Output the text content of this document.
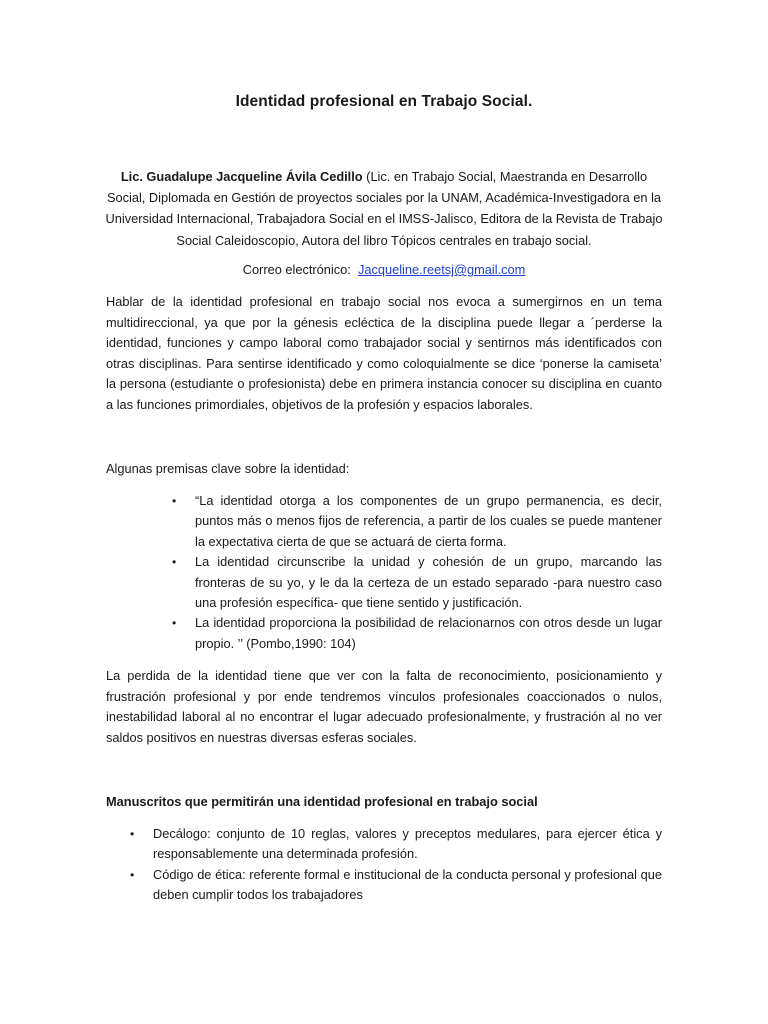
Identidad profesional en Trabajo Social.
Lic. Guadalupe Jacqueline Ávila Cedillo (Lic. en Trabajo Social, Maestranda en Desarrollo Social, Diplomada en Gestión de proyectos sociales por la UNAM, Académica-Investigadora en la Universidad Internacional, Trabajadora Social en el IMSS-Jalisco, Editora de la Revista de Trabajo Social Caleidoscopio, Autora del libro Tópicos centrales en trabajo social.
Correo electrónico: Jacqueline.reetsj@gmail.com

Hablar de la identidad profesional en trabajo social nos evoca a sumergirnos en un tema multidireccional, ya que por la génesis ecléctica de la disciplina puede llegar a ´perderse la identidad, funciones y campo laboral como trabajador social y sentirnos más identificados con otras disciplinas. Para sentirse identificado y como coloquialmente se dice ‘ponerse la camiseta’ la persona (estudiante o profesionista) debe en primera instancia conocer su disciplina en cuanto a las funciones primordiales, objetivos de la profesión y espacios laborales.

Algunas premisas clave sobre la identidad:

• “La identidad otorga a los componentes de un grupo permanencia, es decir, puntos más o menos fijos de referencia, a partir de los cuales se puede mantener la expectativa cierta de que se actuará de cierta forma.
• La identidad circunscribe la unidad y cohesión de un grupo, marcando las fronteras de su yo, y le da la certeza de un estado separado -para nuestro caso una profesión específica- que tiene sentido y justificación.
• La identidad proporciona la posibilidad de relacionarnos con otros desde un lugar propio. ’’ (Pombo,1990: 104)

La perdida de la identidad tiene que ver con la falta de reconocimiento, posicionamiento y frustración profesional y por ende tendremos vínculos profesionales coaccionados o nulos, inestabilidad laboral al no encontrar el lugar adecuado profesionalmente, y frustración al no ver saldos positivos en nuestras diversas esferas sociales.

Manuscritos que permitirán una identidad profesional en trabajo social

• Decálogo: conjunto de 10 reglas, valores y preceptos medulares, para ejercer ética y responsablemente una determinada profesión.
• Código de ética: referente formal e institucional de la conducta personal y profesional que deben cumplir todos los trabajadores
